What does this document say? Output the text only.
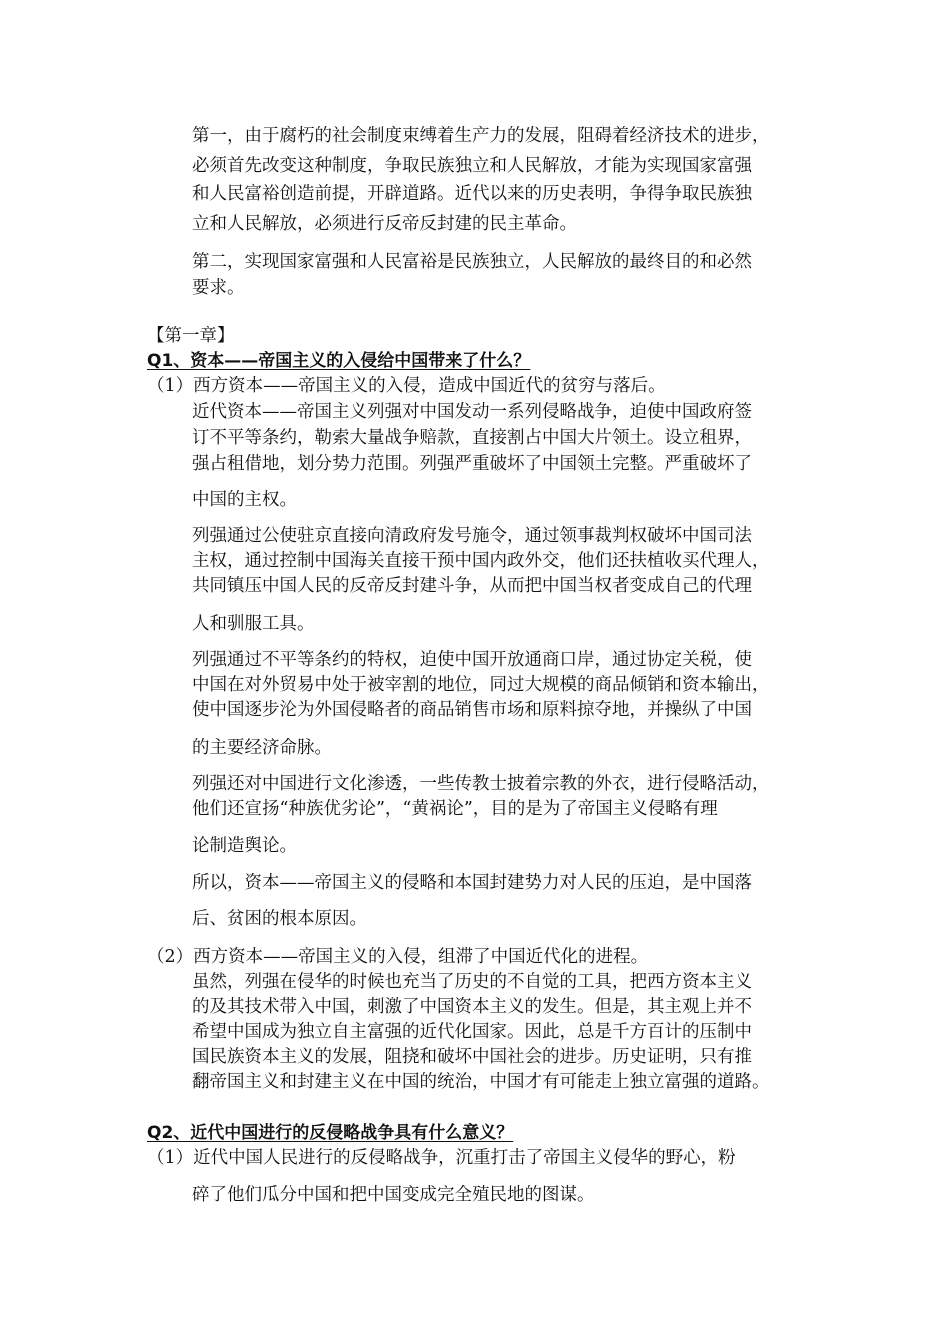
第一，由于腐朽的社会制度束缚着生产力的发展，阻碍着经济技术的进步，
必须首先改变这种制度，争取民族独立和人民解放，才能为实现国家富强
和人民富裕创造前提，开辟道路。近代以来的历史表明，争得争取民族独
立和人民解放，必须进行反帝反封建的民主革命。
第二，实现国家富强和人民富裕是民族独立，人民解放的最终目的和必然
要求。
【第一章】
Q1、资本——帝国主义的入侵给中国带来了什么？
（1）西方资本——帝国主义的入侵，造成中国近代的贫穷与落后。
近代资本——帝国主义列强对中国发动一系列侵略战争，迫使中国政府签
订不平等条约，勒索大量战争赔款，直接割占中国大片领土。设立租界，
强占租借地，划分势力范围。列强严重破坏了中国领土完整。严重破坏了
中国的主权。
列强通过公使驻京直接向清政府发号施令，通过领事裁判权破坏中国司法
主权，通过控制中国海关直接干预中国内政外交，他们还扶植收买代理人，
共同镇压中国人民的反帝反封建斗争，从而把中国当权者变成自己的代理
人和驯服工具。
列强通过不平等条约的特权，迫使中国开放通商口岸，通过协定关税，使
中国在对外贸易中处于被宰割的地位，同过大规模的商品倾销和资本输出，
使中国逐步沦为外国侵略者的商品销售市场和原料掠夺地，并操纵了中国
的主要经济命脉。
列强还对中国进行文化渗透，一些传教士披着宗教的外衣，进行侵略活动，
他们还宣扬“种族优劣论”，“黄祸论”，目的是为了帝国主义侵略有理
论制造舆论。
所以，资本——帝国主义的侵略和本国封建势力对人民的压迫，是中国落
后、贫困的根本原因。
（2）西方资本——帝国主义的入侵，组滞了中国近代化的进程。
虽然，列强在侵华的时候也充当了历史的不自觉的工具，把西方资本主义
的及其技术带入中国，刺激了中国资本主义的发生。但是，其主观上并不
希望中国成为独立自主富强的近代化国家。因此，总是千方百计的压制中
国民族资本主义的发展，阻挠和破坏中国社会的进步。历史证明，只有推
翻帝国主义和封建主义在中国的统治，中国才有可能走上独立富强的道路。
Q2、近代中国进行的反侵略战争具有什么意义？
（1）近代中国人民进行的反侵略战争，沉重打击了帝国主义侵华的野心，粉
碎了他们瓜分中国和把中国变成完全殖民地的图谋。
